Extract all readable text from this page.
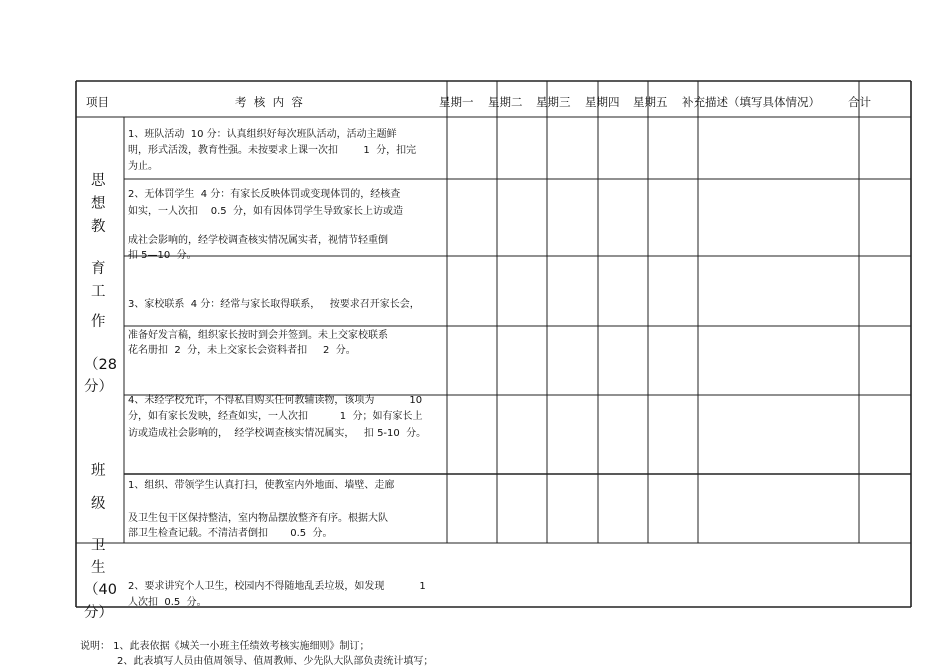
项目	考  核  内  容	星期一 星期二 星期三 星期四 星期五 补充描述（填写具体情况） 合计
思
想
教
育
工
作
（28
分）
班
级
卫
生
（40
分）
1、班队活动  10 分：认真组织好每次班队活动，活动主题鲜
明，形式活泼，教育性强。未按要求上课一次扣        1  分，扣完
为止。
2、无体罚学生  4 分：有家长反映体罚或变现体罚的，经核查
如实，一人次扣    0.5  分，如有因体罚学生导致家长上访或造
成社会影响的，经学校调查核实情况属实者，视情节轻重倒
扣 5—10  分。
3、家校联系  4 分：经常与家长取得联系，   按要求召开家长会，
准备好发言稿，组织家长按时到会并签到。未上交家校联系
花名册扣  2  分，未上交家长会资料者扣     2  分。
4、未经学校允许，不得私自购买任何教辅读物，该项为           10
分，如有家长发映，经查如实，一人次扣          1  分；如有家长上
访或造成社会影响的，  经学校调查核实情况属实，   扣 5-10  分。
1、组织、带领学生认真打扫，使教室内外地面、墙壁、走廊
及卫生包干区保持整洁，室内物品摆放整齐有序。根据大队
部卫生检查记载。不清洁者倒扣       0.5  分。
2、要求讲究个人卫生，校园内不得随地乱丢垃圾，如发现           1
人次扣  0.5  分。
说明： 1、此表依据《城关一小班主任绩效考核实施细则》制订；
2、此表填写人员由值周领导、值周教师、少先队大队部负责统计填写；
